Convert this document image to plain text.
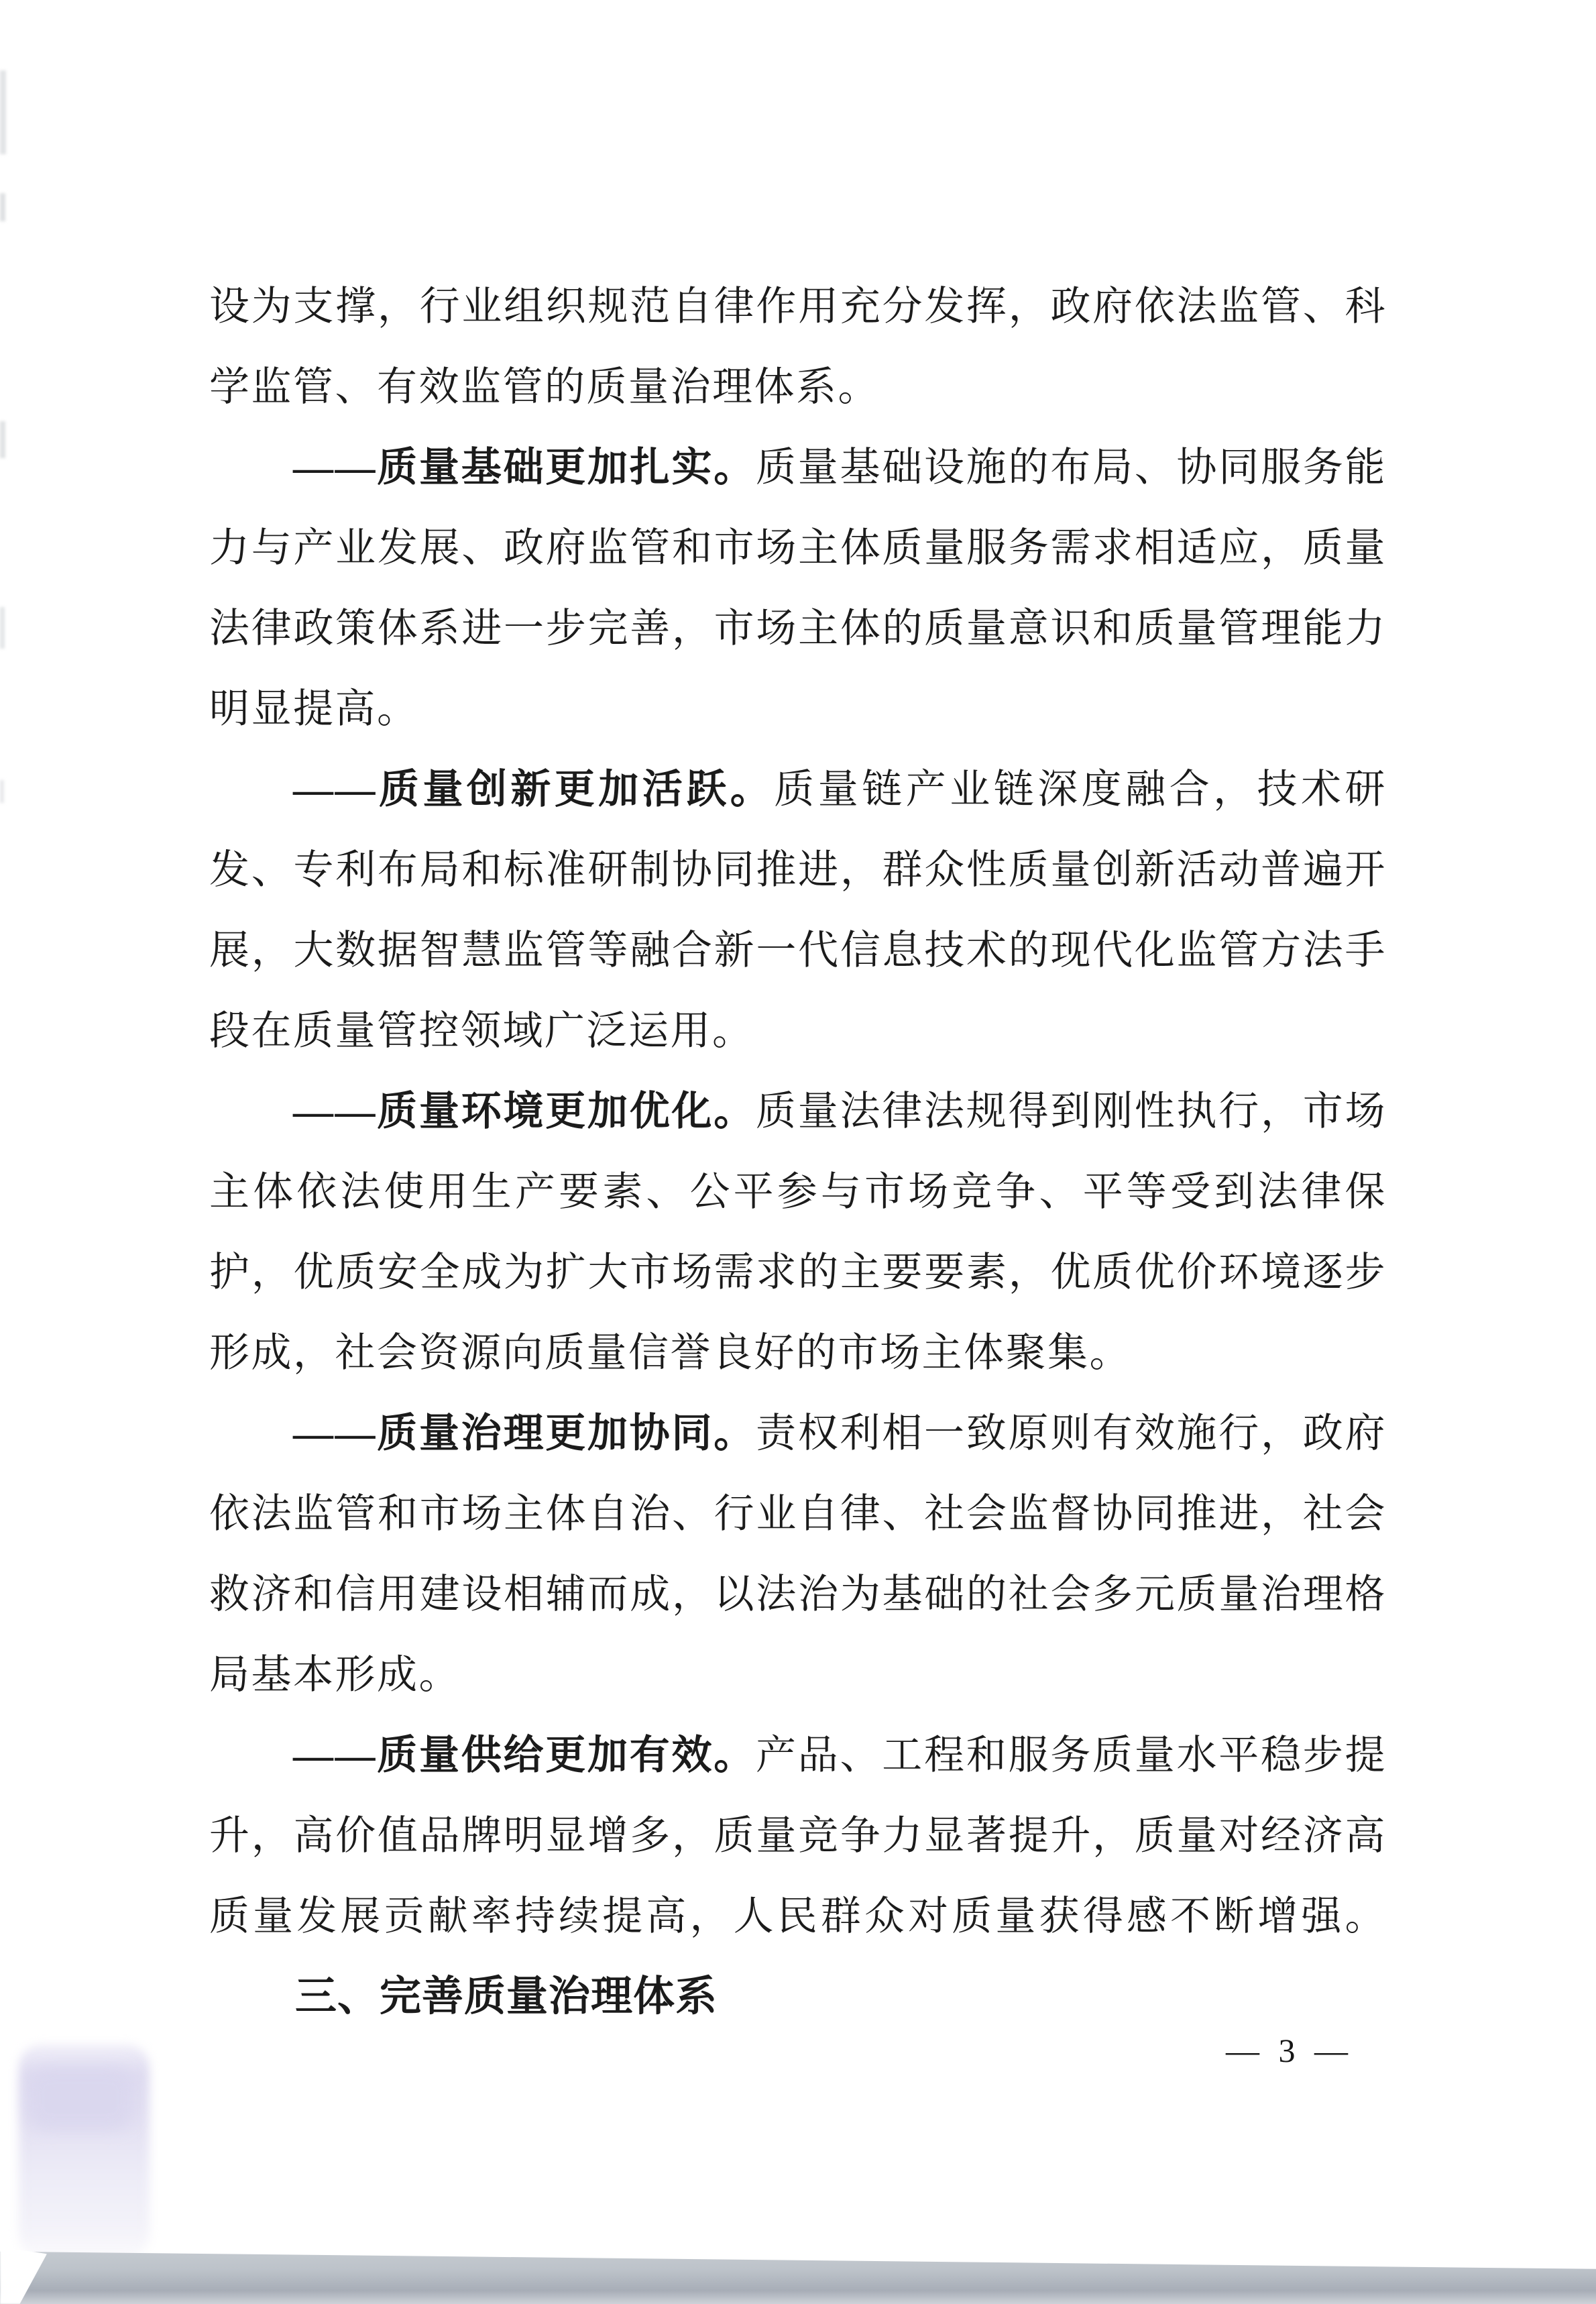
设为支撑，行业组织规范自律作用充分发挥，政府依法监管、科
学监管、有效监管的质量治理体系。
——质量基础更加扎实。质量基础设施的布局、协同服务能
力与产业发展、政府监管和市场主体质量服务需求相适应，质量
法律政策体系进一步完善，市场主体的质量意识和质量管理能力
明显提高。
——质量创新更加活跃。质量链产业链深度融合，技术研
发、专利布局和标准研制协同推进，群众性质量创新活动普遍开
展，大数据智慧监管等融合新一代信息技术的现代化监管方法手
段在质量管控领域广泛运用。
——质量环境更加优化。质量法律法规得到刚性执行，市场
主体依法使用生产要素、公平参与市场竞争、平等受到法律保
护，优质安全成为扩大市场需求的主要要素，优质优价环境逐步
形成，社会资源向质量信誉良好的市场主体聚集。
——质量治理更加协同。责权利相一致原则有效施行，政府
依法监管和市场主体自治、行业自律、社会监督协同推进，社会
救济和信用建设相辅而成，以法治为基础的社会多元质量治理格
局基本形成。
——质量供给更加有效。产品、工程和服务质量水平稳步提
升，高价值品牌明显增多，质量竞争力显著提升，质量对经济高
质量发展贡献率持续提高，人民群众对质量获得感不断增强。
三、完善质量治理体系
— 3 —
